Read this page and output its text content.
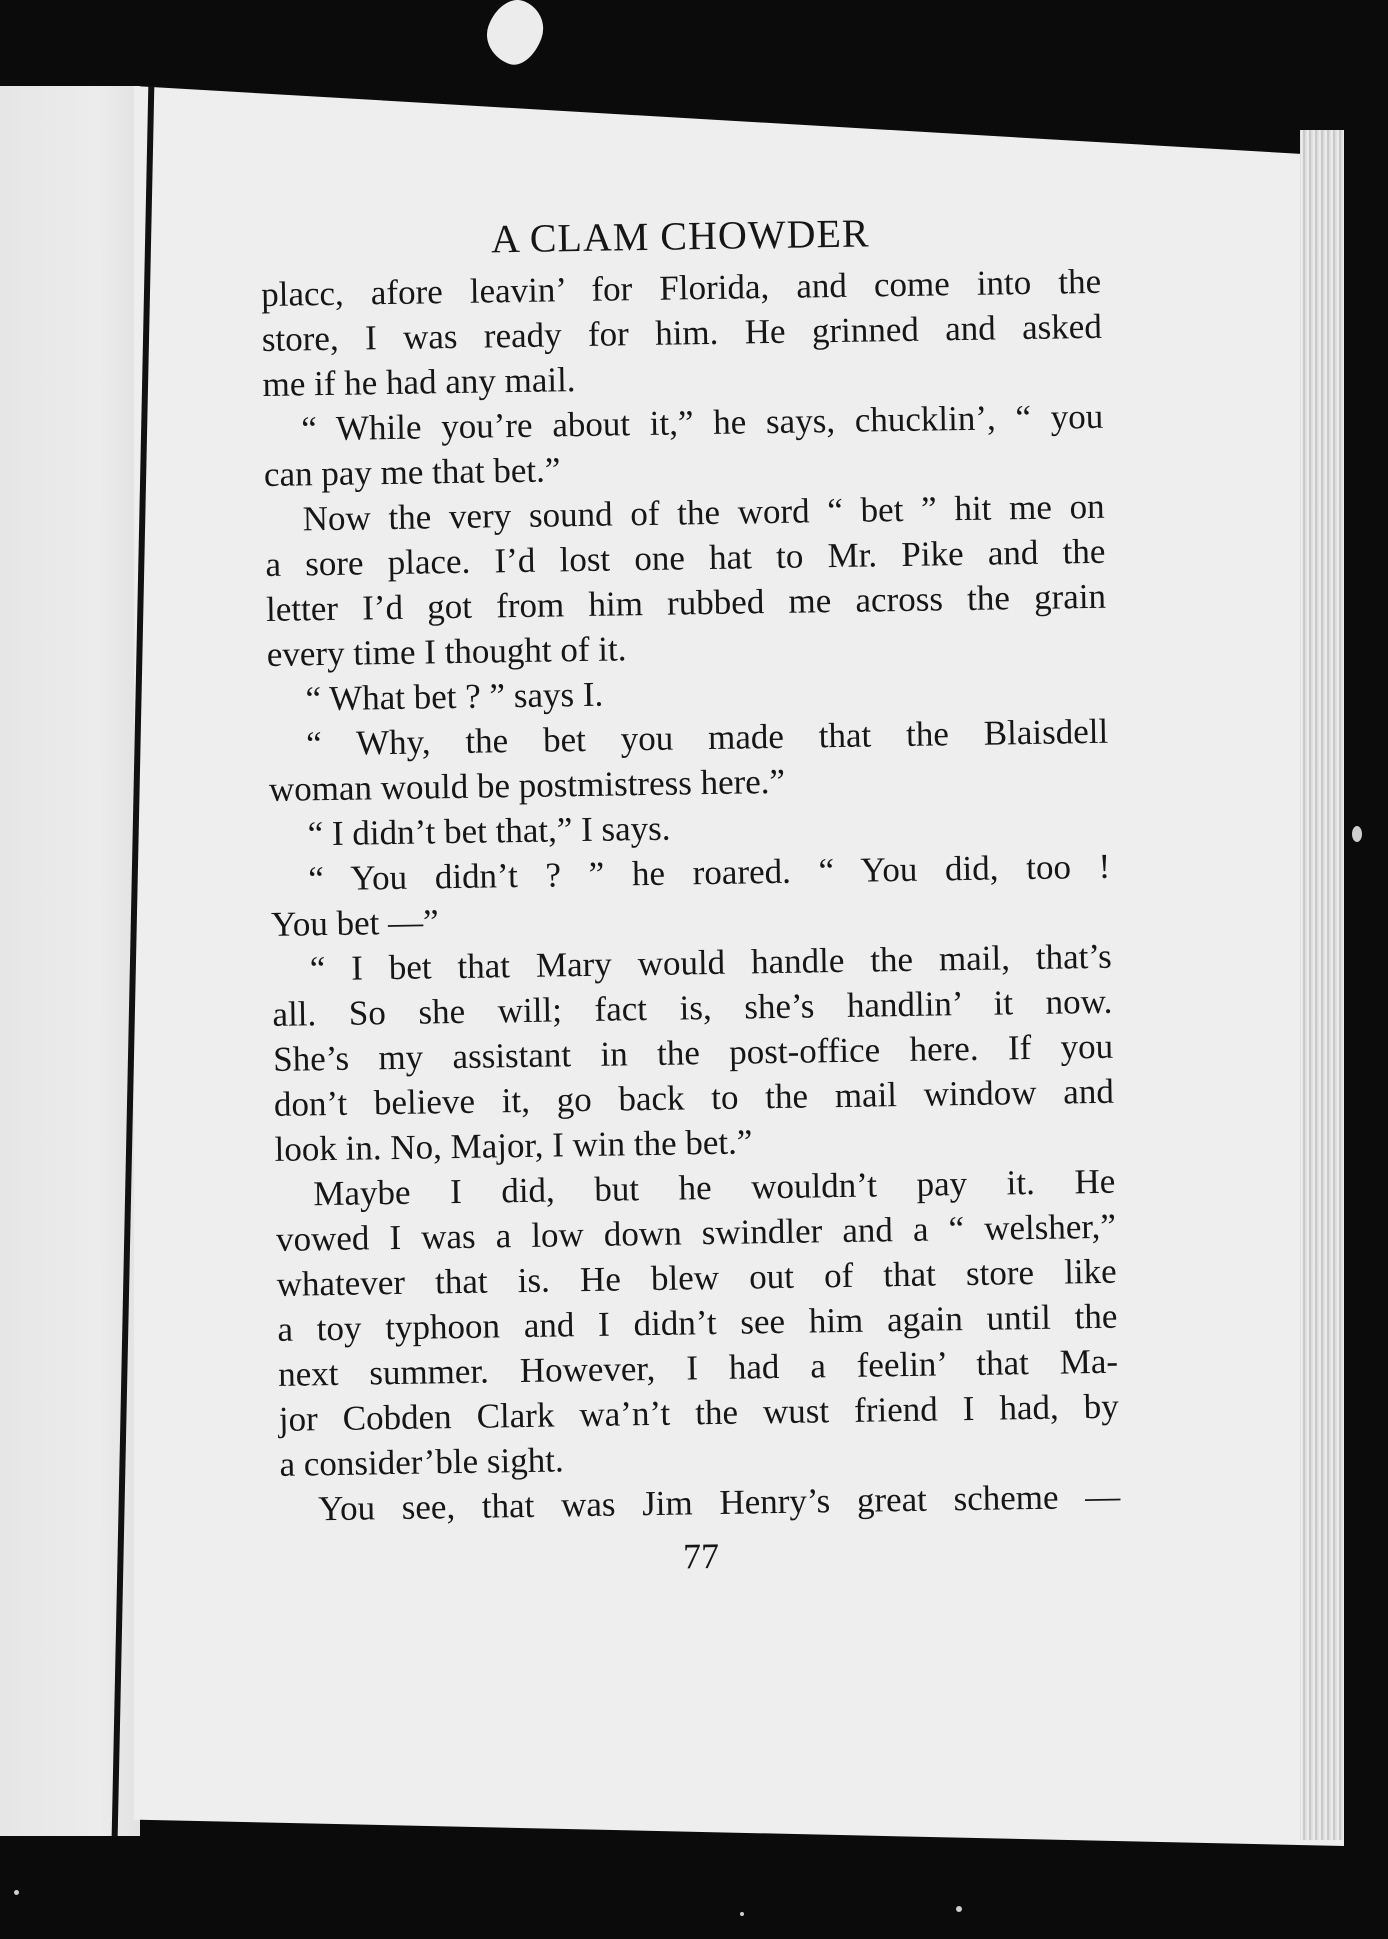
A CLAM CHOWDER
placc, afore leavin’ for Florida, and come into the
store, I was ready for him. He grinned and asked
me if he had any mail.
“ While you’re about it,” he says, chucklin’, “ you
can pay me that bet.”
Now the very sound of the word “ bet ” hit me on
a sore place. I’d lost one hat to Mr. Pike and the
letter I’d got from him rubbed me across the grain
every time I thought of it.
“ What bet ? ” says I.
“ Why, the bet you made that the Blaisdell
woman would be postmistress here.”
“ I didn’t bet that,” I says.
“ You didn’t ? ” he roared. “ You did, too !
You bet —”
“ I bet that Mary would handle the mail, that’s
all. So she will; fact is, she’s handlin’ it now.
She’s my assistant in the post-office here. If you
don’t believe it, go back to the mail window and
look in. No, Major, I win the bet.”
Maybe I did, but he wouldn’t pay it. He
vowed I was a low down swindler and a “ welsher,”
whatever that is. He blew out of that store like
a toy typhoon and I didn’t see him again until the
next summer. However, I had a feelin’ that Ma-
jor Cobden Clark wa’n’t the wust friend I had, by
a consider’ble sight.
You see, that was Jim Henry’s great scheme —
77
